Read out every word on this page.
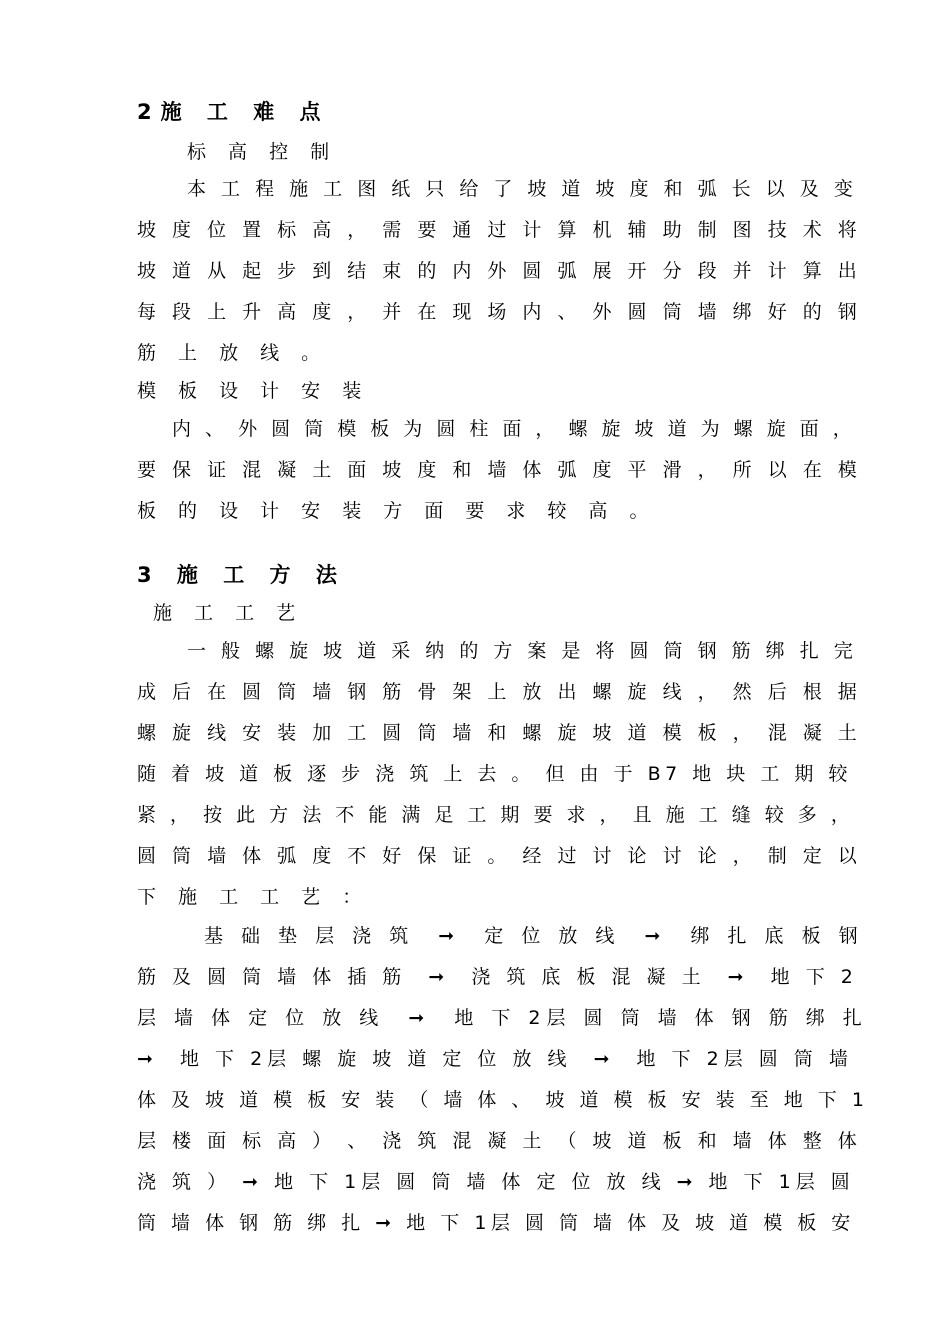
2施 工 难 点
标 高 控 制
本 工 程 施 工 图 纸 只 给 了 坡 道 坡 度 和 弧 长 以 及 变
坡 度 位 置 标 高 ， 需 要 通 过 计 算 机 辅 助 制 图 技 术 将
坡 道 从 起 步 到 结 束 的 内 外 圆 弧 展 开 分 段 并 计 算 出
每 段 上 升 高 度 ， 并 在 现 场 内 、 外 圆 筒 墙 绑 好 的 钢
筋 上 放 线 。
模 板 设 计 安 装
内 、 外 圆 筒 模 板 为 圆 柱 面 ， 螺 旋 坡 道 为 螺 旋 面 ，
要 保 证 混 凝 土 面 坡 度 和 墙 体 弧 度 平 滑 ， 所 以 在 模
板 的 设 计 安 装 方 面 要 求 较 高 。
3 施 工 方 法
施 工 工 艺
一 般 螺 旋 坡 道 采 纳 的 方 案 是 将 圆 筒 钢 筋 绑 扎 完
成 后 在 圆 筒 墙 钢 筋 骨 架 上 放 出 螺 旋 线 ， 然 后 根 据
螺 旋 线 安 装 加 工 圆 筒 墙 和 螺 旋 坡 道 模 板 ， 混 凝 土
随 着 坡 道 板 逐 步 浇 筑 上 去 。 但 由 于 B7 地 块 工 期 较
紧 ， 按 此 方 法 不 能 满 足 工 期 要 求 ， 且 施 工 缝 较 多 ，
圆 筒 墙 体 弧 度 不 好 保 证 。 经 过 讨 论 讨 论 ， 制 定 以
下 施 工 工 艺 ：
基 础 垫 层 浇 筑  ➞  定 位 放 线  ➞  绑 扎 底 板 钢
筋 及 圆 筒 墙 体 插 筋  ➞  浇 筑 底 板 混 凝 土  ➞  地 下 2
层 墙 体 定 位 放 线  ➞  地 下 2层 圆 筒 墙 体 钢 筋 绑 扎
➞  地 下 2层 螺 旋 坡 道 定 位 放 线  ➞  地 下 2层 圆 筒 墙
体 及 坡 道 模 板 安 装 （ 墙 体 、 坡 道 模 板 安 装 至 地 下 1
层 楼 面 标 高 ） 、 浇 筑 混 凝 土 （ 坡 道 板 和 墙 体 整 体
浇 筑 ） ➞ 地 下 1层 圆 筒 墙 体 定 位 放 线 ➞ 地 下 1层 圆
筒 墙 体 钢 筋 绑 扎 ➞ 地 下 1层 圆 筒 墙 体 及 坡 道 模 板 安
